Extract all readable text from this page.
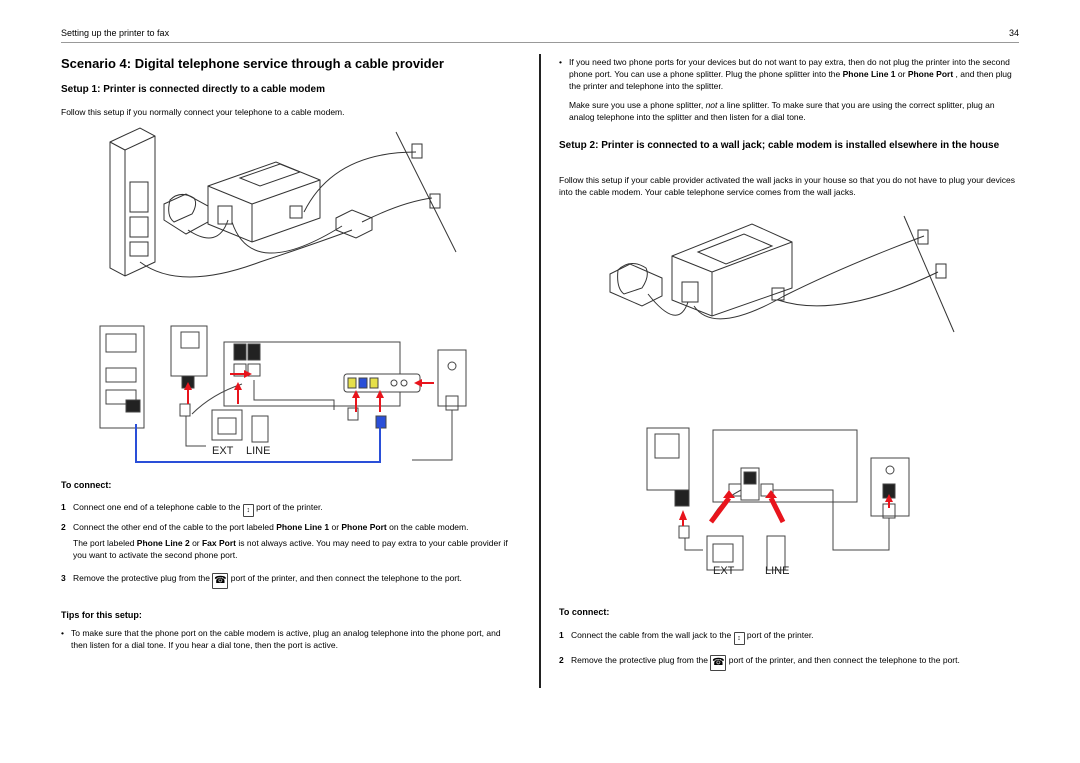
Setting up the printer to fax	34
Scenario 4: Digital telephone service through a cable provider
Setup 1: Printer is connected directly to a cable modem

Follow this setup if you normally connect your telephone to a cable modem.

EXT LINE
To connect:
1 Connect one end of a telephone cable to the ↕ port of the printer.
2 Connect the other end of the cable to the port labeled Phone Line 1 or Phone Port on the cable modem.

The port labeled Phone Line 2 or Fax Port is not always active. You may need to pay extra to your cable provider if you want to activate the second phone port.

3 Remove the protective plug from the ☎ port of the printer, and then connect the telephone to the port.
Tips for this setup:
• To make sure that the phone port on the cable modem is active, plug an analog telephone into the phone port, and then listen for a dial tone. If you hear a dial tone, then the port is active.
• If you need two phone ports for your devices but do not want to pay extra, then do not plug the printer into the second phone port. You can use a phone splitter. Plug the phone splitter into the Phone Line 1 or Phone Port , and then plug the printer and telephone into the splitter.

Make sure you use a phone splitter, not a line splitter. To make sure that you are using the correct splitter, plug an analog telephone into the splitter and then listen for a dial tone.

Setup 2: Printer is connected to a wall jack; cable modem is installed elsewhere in the house

Follow this setup if your cable provider activated the wall jacks in your house so that you do not have to plug your devices into the cable modem. Your cable telephone service comes from the wall jacks.

EXT	LINE
To connect:
1 Connect the cable from the wall jack to the ↕ port of the printer.
2 Remove the protective plug from the ☎ port of the printer, and then connect the telephone to the port.
